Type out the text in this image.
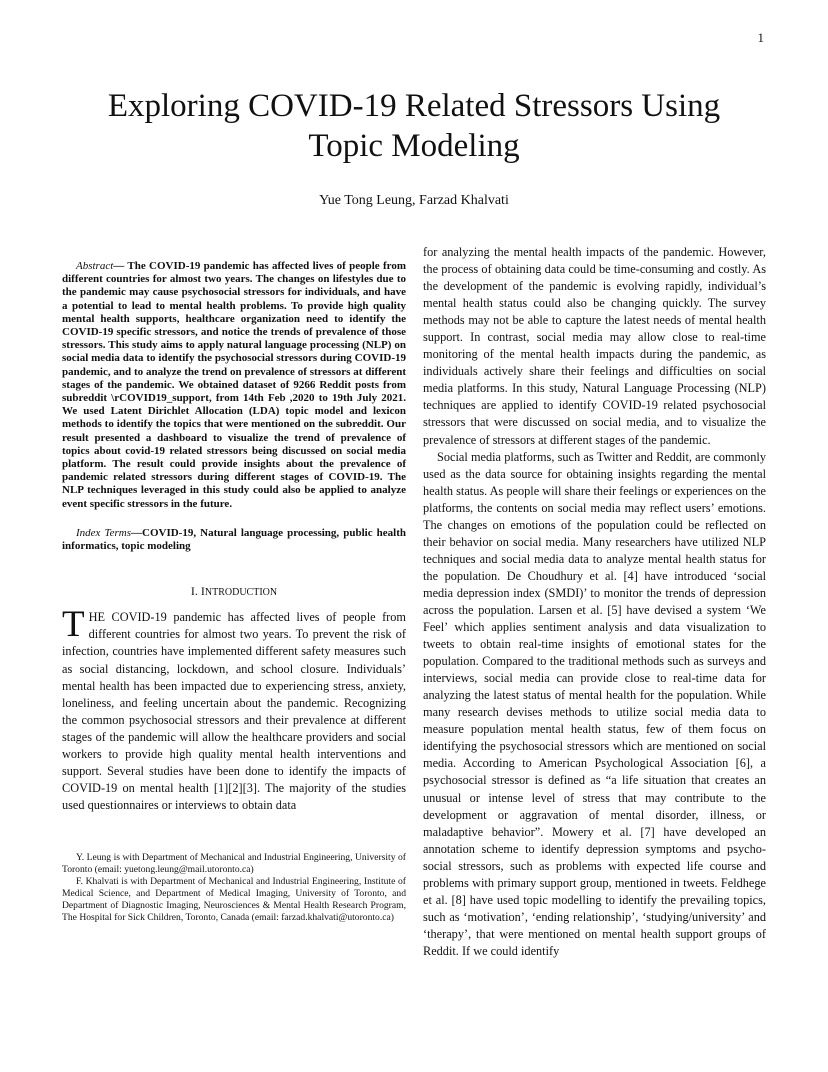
1
Exploring COVID-19 Related Stressors Using
Topic Modeling
Yue Tong Leung, Farzad Khalvati

Abstract— The COVID-19 pandemic has affected lives of people from different countries for almost two years. The changes on lifestyles due to the pandemic may cause psychosocial stressors for individuals, and have a potential to lead to mental health problems. To provide high quality mental health supports, healthcare organization need to identify the COVID-19 specific stressors, and notice the trends of prevalence of those stressors. This study aims to apply natural language processing (NLP) on social media data to identify the psychosocial stressors during COVID-19 pandemic, and to analyze the trend on prevalence of stressors at different stages of the pandemic. We obtained dataset of 9266 Reddit posts from subreddit \rCOVID19_support, from 14th Feb ,2020 to 19th July 2021. We used Latent Dirichlet Allocation (LDA) topic model and lexicon methods to identify the topics that were mentioned on the subreddit. Our result presented a dashboard to visualize the trend of prevalence of topics about covid-19 related stressors being discussed on social media platform. The result could provide insights about the prevalence of pandemic related stressors during different stages of COVID-19. The NLP techniques leveraged in this study could also be applied to analyze event specific stressors in the future.

Index Terms—COVID-19, Natural language processing, public health informatics, topic modeling

I. INTRODUCTION
T HE COVID-19 pandemic has affected lives of people from different countries for almost two years. To prevent the risk of infection, countries have implemented different safety measures such as social distancing, lockdown, and school closure. Individuals’ mental health has been impacted due to experiencing stress, anxiety, loneliness, and feeling uncertain about the pandemic. Recognizing the common psychosocial stressors and their prevalence at different stages of the pandemic will allow the healthcare providers and social workers to provide high quality mental health interventions and support. Several studies have been done to identify the impacts of COVID-19 on mental health [1][2][3]. The majority of the studies used questionnaires or interviews to obtain data

Y. Leung is with Department of Mechanical and Industrial Engineering, University of Toronto (email: yuetong.leung@mail.utoronto.ca)

F. Khalvati is with Department of Mechanical and Industrial Engineering, Institute of Medical Science, and Department of Medical Imaging, University of Toronto, and Department of Diagnostic Imaging, Neurosciences & Mental Health Research Program, The Hospital for Sick Children, Toronto, Canada (email: farzad.khalvati@utoronto.ca)

for analyzing the mental health impacts of the pandemic. However, the process of obtaining data could be time-consuming and costly. As the development of the pandemic is evolving rapidly, individual’s mental health status could also be changing quickly. The survey methods may not be able to capture the latest needs of mental health support. In contrast, social media may allow close to real-time monitoring of the mental health impacts during the pandemic, as individuals actively share their feelings and difficulties on social media platforms. In this study, Natural Language Processing (NLP) techniques are applied to identify COVID-19 related psychosocial stressors that were discussed on social media, and to visualize the prevalence of stressors at different stages of the pandemic.

Social media platforms, such as Twitter and Reddit, are commonly used as the data source for obtaining insights regarding the mental health status. As people will share their feelings or experiences on the platforms, the contents on social media may reflect users’ emotions. The changes on emotions of the population could be reflected on their behavior on social media. Many researchers have utilized NLP techniques and social media data to analyze mental health status for the population. De Choudhury et al. [4] have introduced ‘social media depression index (SMDI)’ to monitor the trends of depression across the population. Larsen et al. [5] have devised a system ‘We Feel’ which applies sentiment analysis and data visualization to tweets to obtain real-time insights of emotional states for the population. Compared to the traditional methods such as surveys and interviews, social media can provide close to real-time data for analyzing the latest status of mental health for the population. While many research devises methods to utilize social media data to measure population mental health status, few of them focus on identifying the psychosocial stressors which are mentioned on social media. According to American Psychological Association [6], a psychosocial stressor is defined as “a life situation that creates an unusual or intense level of stress that may contribute to the development or aggravation of mental disorder, illness, or maladaptive behavior”. Mowery et al. [7] have developed an annotation scheme to identify depression symptoms and psycho-social stressors, such as problems with expected life course and problems with primary support group, mentioned in tweets. Feldhege et al. [8] have used topic modelling to identify the prevailing topics, such as ‘motivation’, ‘ending relationship’, ‘studying/university’ and ‘therapy’, that were mentioned on mental health support groups of Reddit. If we could identify
